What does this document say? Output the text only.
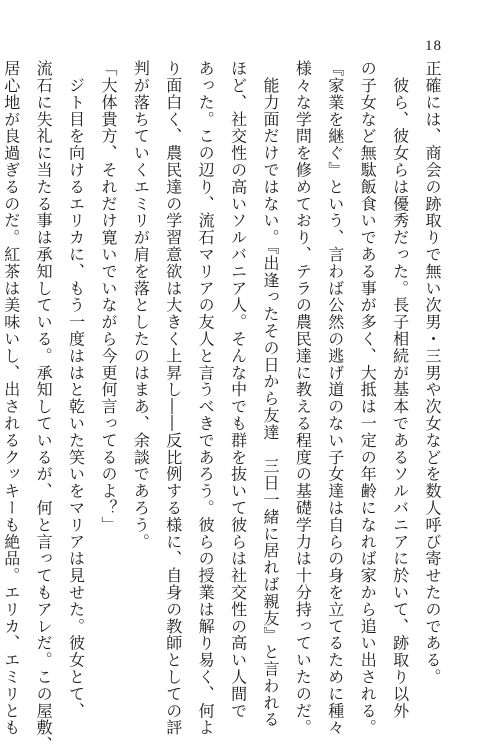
18
正確には、商会の跡取りで無い次男・三男や次女などを数人呼び寄せたのである。
　彼ら、彼女らは優秀だった。長子相続が基本であるソルバニアに於いて、跡取り以外
の子女など無駄飯食いである事が多く、大抵は一定の年齢になれば家から追い出される。
『家業を継ぐ』という、言わば公然の逃げ道のない子女達は自らの身を立てるために種々
様々な学問を修めており、テラの農民達に教える程度の基礎学力は十分持っていたのだ。
　能力面だけではない。『出逢ったその日から友達　三日一緒に居れば親友』と言われる
ほど、社交性の高いソルバニア人。そんな中でも群を抜いて彼らは社交性の高い人間で
あった。この辺り、流石マリアの友人と言うべきであろう。彼らの授業は解り易く、何よ
り面白く、農民達の学習意欲は大きく上昇し――反比例する様に、自身の教師としての評
判が落ちていくエミリが肩を落としたのはまあ、余談であろう。
「大体貴方、それだけ寛いでいながら今更何言ってるのよ？」
　ジト目を向けるエリカに、もう一度ははと乾いた笑いをマリアは見せた。彼女とて、
流石に失礼に当たる事は承知している。承知しているが、何と言ってもアレだ。この屋敷、
居心地が良過ぎるのだ。紅茶は美味いし、出されるクッキーも絶品。エリカ、エミリとも
